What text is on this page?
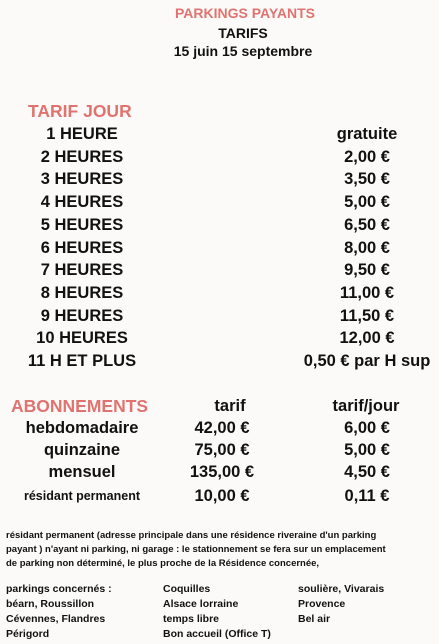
PARKINGS PAYANTS
TARIFS
15 juin 15 septembre
TARIF JOUR
1 HEURE	gratuite
2 HEURES	2,00 €
3 HEURES	3,50 €
4 HEURES	5,00 €
5 HEURES	6,50 €
6 HEURES	8,00 €
7 HEURES	9,50 €
8 HEURES	11,00 €
9 HEURES	11,50 €
10 HEURES	12,00 €
11 H ET PLUS	0,50 € par H sup
ABONNEMENTS	tarif	tarif/jour
hebdomadaire	42,00 €	6,00 €
quinzaine	75,00 €	5,00 €
mensuel	135,00 €	4,50 €
résidant permanent	10,00 €	0,11 €
résidant permanent (adresse principale dans une résidence riveraine d'un parking
payant ) n'ayant ni parking, ni garage : le stationnement se fera sur un emplacement
de parking non déterminé, le plus proche de la Résidence concernée,
parkings concernés :
béarn, Roussillon
Cévennes, Flandres
Périgord
Coquilles
Alsace lorraine
temps libre
Bon accueil (Office T)
soulière, Vivarais
Provence
Bel air
